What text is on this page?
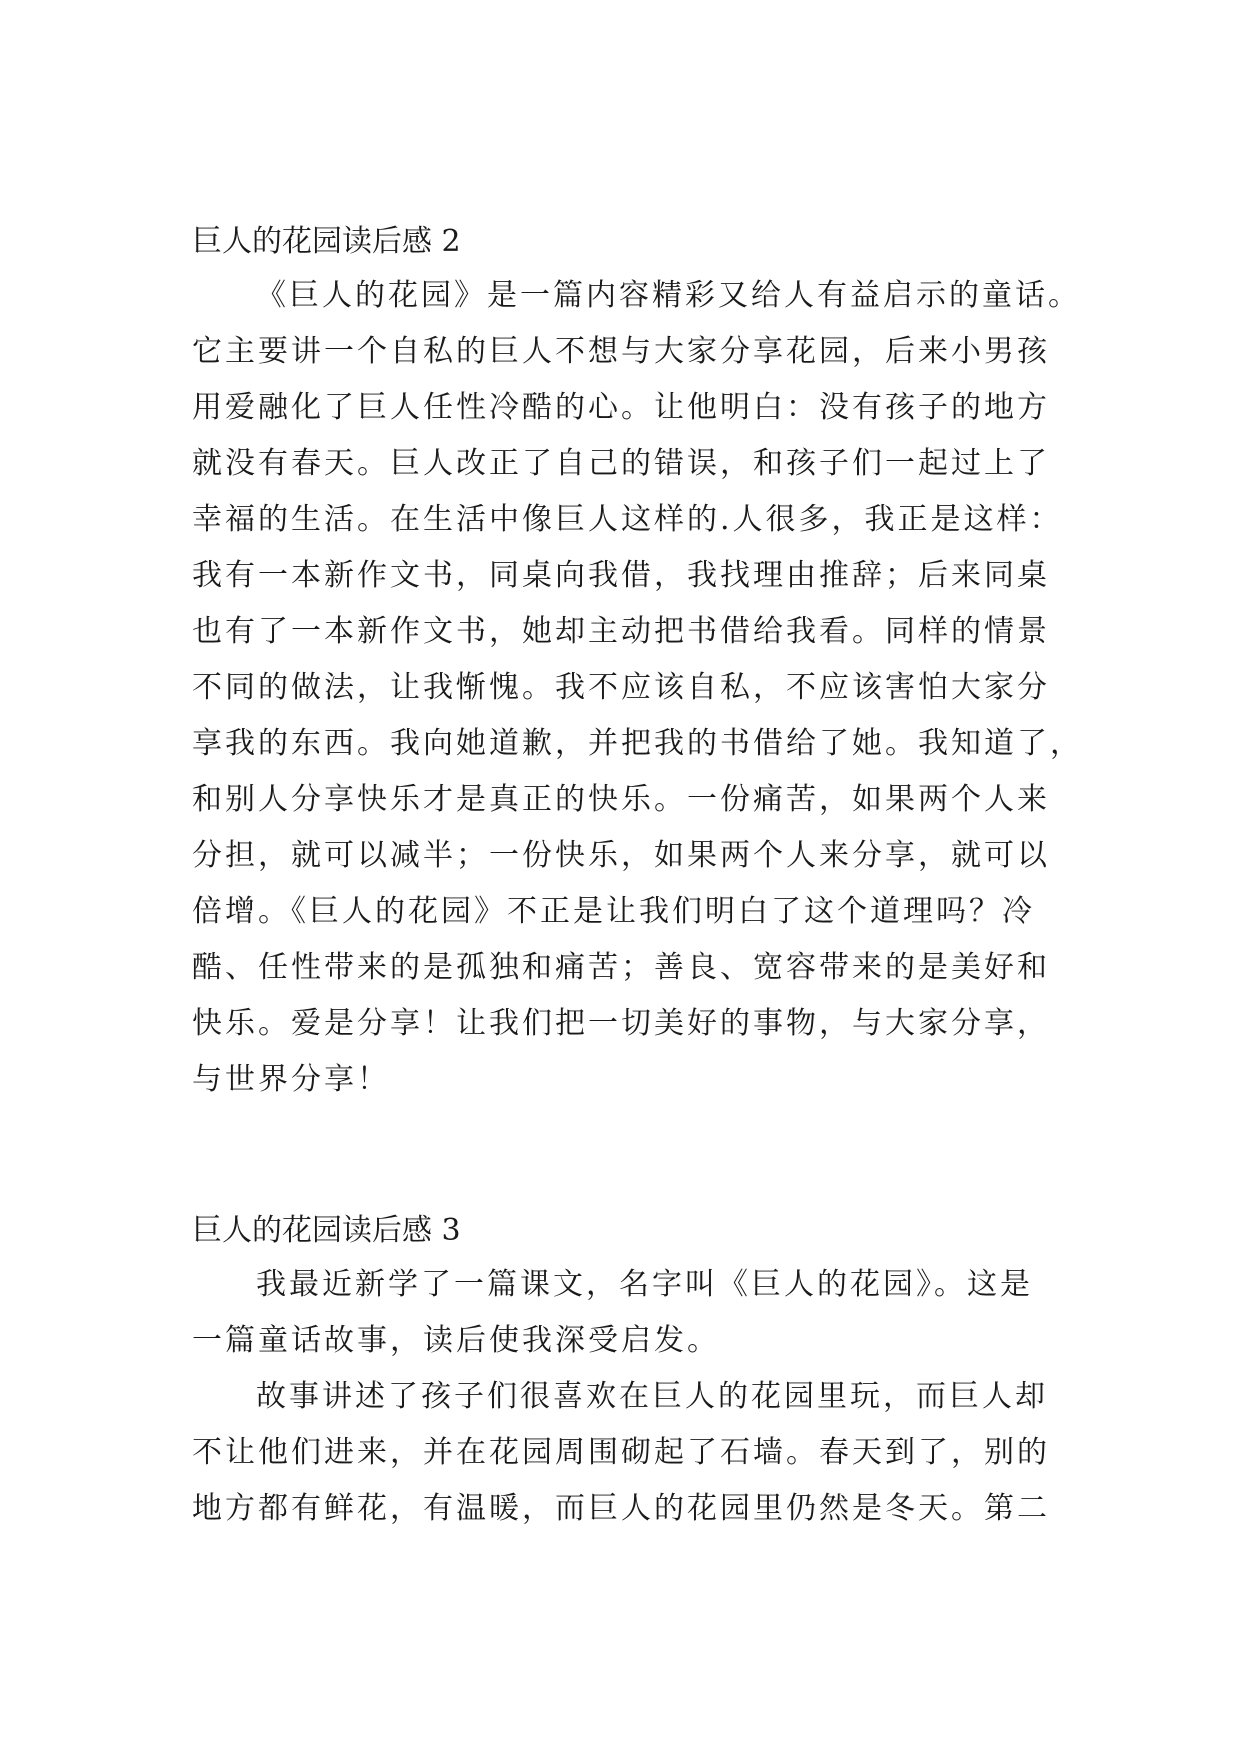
巨人的花园读后感 2

《巨人的花园》是一篇内容精彩又给人有益启示的童话。

它主要讲一个自私的巨人不想与大家分享花园，后来小男孩

用爱融化了巨人任性冷酷的心。让他明白：没有孩子的地方

就没有春天。巨人改正了自己的错误，和孩子们一起过上了

幸福的生活。在生活中像巨人这样的.人很多，我正是这样：

我有一本新作文书，同桌向我借，我找理由推辞；后来同桌

也有了一本新作文书，她却主动把书借给我看。同样的情景

不同的做法，让我惭愧。我不应该自私，不应该害怕大家分

享我的东西。我向她道歉，并把我的书借给了她。我知道了，

和别人分享快乐才是真正的快乐。一份痛苦，如果两个人来

分担，就可以减半；一份快乐，如果两个人来分享，就可以

倍增。《巨人的花园》不正是让我们明白了这个道理吗？冷

酷、任性带来的是孤独和痛苦；善良、宽容带来的是美好和

快乐。爱是分享！让我们把一切美好的事物，与大家分享，

与世界分享！

巨人的花园读后感 3

我最近新学了一篇课文，名字叫《巨人的花园》。这是

一篇童话故事，读后使我深受启发。

故事讲述了孩子们很喜欢在巨人的花园里玩，而巨人却

不让他们进来，并在花园周围砌起了石墙。春天到了，别的

地方都有鲜花，有温暖，而巨人的花园里仍然是冬天。第二
